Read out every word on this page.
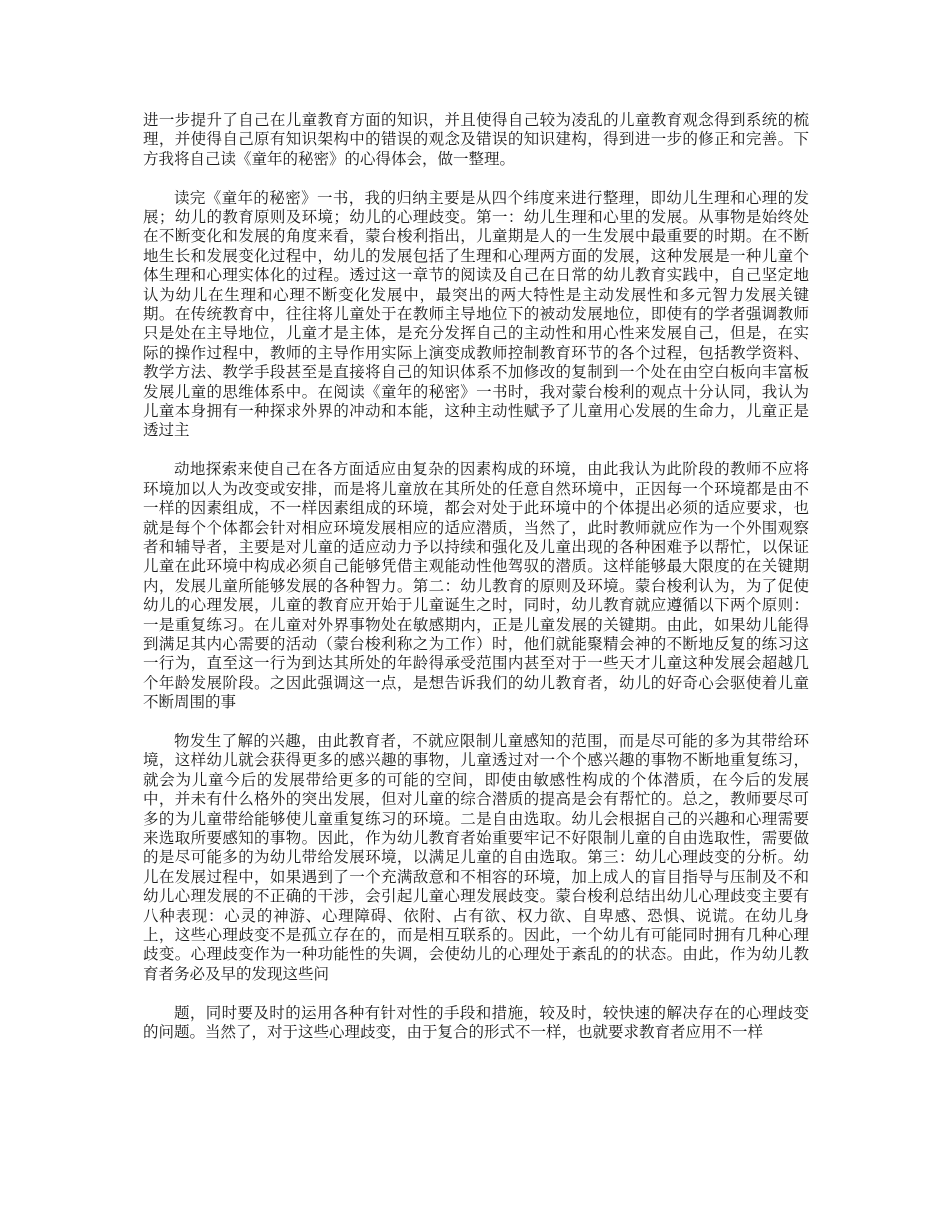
进一步提升了自己在儿童教育方面的知识，并且使得自己较为凌乱的儿童教育观念得到系统的梳理，并使得自己原有知识架构中的错误的观念及错误的知识建构，得到进一步的修正和完善。下方我将自己读《童年的秘密》的心得体会，做一整理。

读完《童年的秘密》一书，我的归纳主要是从四个纬度来进行整理，即幼儿生理和心理的发展；幼儿的教育原则及环境；幼儿的心理歧变。第一：幼儿生理和心里的发展。从事物是始终处在不断变化和发展的角度来看，蒙台梭利指出，儿童期是人的一生发展中最重要的时期。在不断地生长和发展变化过程中，幼儿的发展包括了生理和心理两方面的发展，这种发展是一种儿童个体生理和心理实体化的过程。透过这一章节的阅读及自己在日常的幼儿教育实践中，自己坚定地认为幼儿在生理和心理不断变化发展中，最突出的两大特性是主动发展性和多元智力发展关键期。在传统教育中，往往将儿童处于在教师主导地位下的被动发展地位，即使有的学者强调教师只是处在主导地位，儿童才是主体，是充分发挥自己的主动性和用心性来发展自己，但是，在实际的操作过程中，教师的主导作用实际上演变成教师控制教育环节的各个过程，包括教学资料、教学方法、教学手段甚至是直接将自己的知识体系不加修改的复制到一个处在由空白板向丰富板发展儿童的思维体系中。在阅读《童年的秘密》一书时，我对蒙台梭利的观点十分认同，我认为儿童本身拥有一种探求外界的冲动和本能，这种主动性赋予了儿童用心发展的生命力，儿童正是透过主

动地探索来使自己在各方面适应由复杂的因素构成的环境，由此我认为此阶段的教师不应将环境加以人为改变或安排，而是将儿童放在其所处的任意自然环境中，正因每一个环境都是由不一样的因素组成，不一样因素组成的环境，都会对处于此环境中的个体提出必须的适应要求，也就是每个个体都会针对相应环境发展相应的适应潜质，当然了，此时教师就应作为一个外围观察者和辅导者，主要是对儿童的适应动力予以持续和强化及儿童出现的各种困难予以帮忙，以保证儿童在此环境中构成必须自己能够凭借主观能动性他驾驭的潜质。这样能够最大限度的在关键期内，发展儿童所能够发展的各种智力。第二：幼儿教育的原则及环境。蒙台梭利认为，为了促使幼儿的心理发展，儿童的教育应开始于儿童诞生之时，同时，幼儿教育就应遵循以下两个原则：一是重复练习。在儿童对外界事物处在敏感期内，正是儿童发展的关键期。由此，如果幼儿能得到满足其内心需要的活动（蒙台梭利称之为工作）时，他们就能聚精会神的不断地反复的练习这一行为，直至这一行为到达其所处的年龄得承受范围内甚至对于一些天才儿童这种发展会超越几个年龄发展阶段。之因此强调这一点，是想告诉我们的幼儿教育者，幼儿的好奇心会驱使着儿童不断周围的事

物发生了解的兴趣，由此教育者，不就应限制儿童感知的范围，而是尽可能的多为其带给环境，这样幼儿就会获得更多的感兴趣的事物，儿童透过对一个个感兴趣的事物不断地重复练习，就会为儿童今后的发展带给更多的可能的空间，即使由敏感性构成的个体潜质，在今后的发展中，并未有什么格外的突出发展，但对儿童的综合潜质的提高是会有帮忙的。总之，教师要尽可多的为儿童带给能够使儿童重复练习的环境。二是自由选取。幼儿会根据自己的兴趣和心理需要来选取所要感知的事物。因此，作为幼儿教育者始重要牢记不好限制儿童的自由选取性，需要做的是尽可能多的为幼儿带给发展环境，以满足儿童的自由选取。第三：幼儿心理歧变的分析。幼儿在发展过程中，如果遇到了一个充满敌意和不相容的环境，加上成人的盲目指导与压制及不和幼儿心理发展的不正确的干涉，会引起儿童心理发展歧变。蒙台梭利总结出幼儿心理歧变主要有八种表现：心灵的神游、心理障碍、依附、占有欲、权力欲、自卑感、恐惧、说谎。在幼儿身上，这些心理歧变不是孤立存在的，而是相互联系的。因此，一个幼儿有可能同时拥有几种心理歧变。心理歧变作为一种功能性的失调，会使幼儿的心理处于紊乱的的状态。由此，作为幼儿教育者务必及早的发现这些问

题，同时要及时的运用各种有针对性的手段和措施，较及时，较快速的解决存在的心理歧变的问题。当然了，对于这些心理歧变，由于复合的形式不一样，也就要求教育者应用不一样
